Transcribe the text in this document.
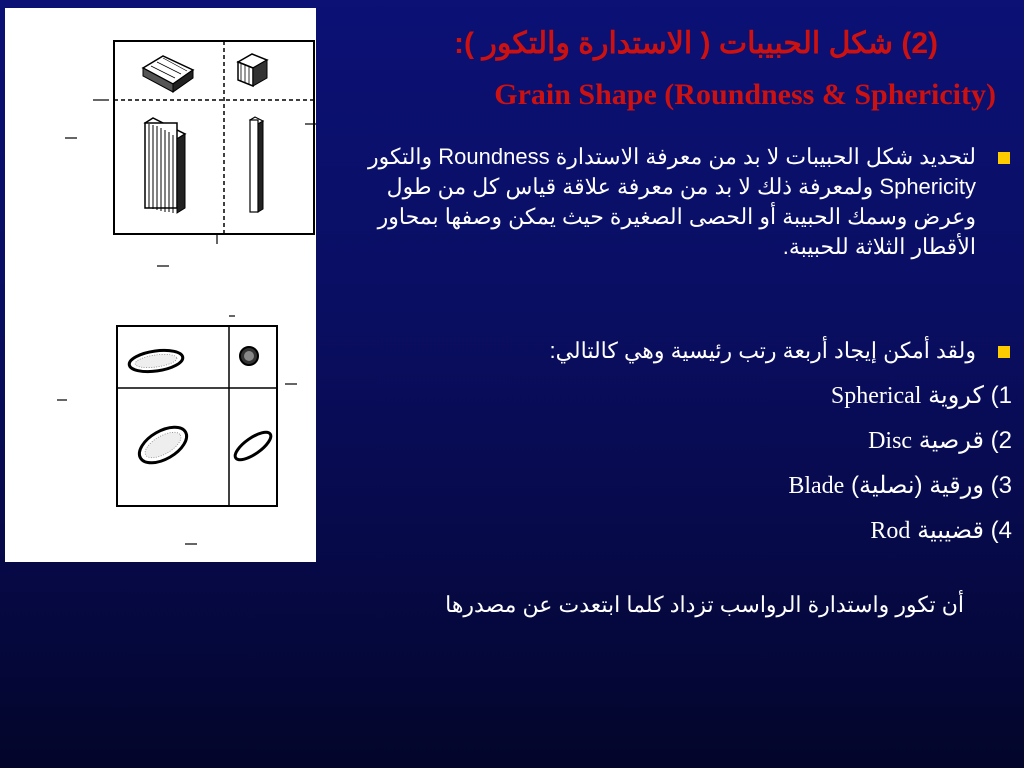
(2) شكل الحبيبات ( الاستدارة والتكور ):
Grain Shape (Roundness & Sphericity)
لتحديد شكل الحبيبات لا بد من معرفة الاستدارة Roundness والتكور Sphericity ولمعرفة ذلك لا بد من معرفة علاقة قياس كل من طول وعرض وسمك الحبيبة أو الحصى الصغيرة حيث يمكن وصفها بمحاور الأقطار الثلاثة للحبيبة.
ولقد أمكن إيجاد أربعة رتب رئيسية وهي كالتالي:
1) كروية Spherical
2) قرصية Disc
3) ورقية (نصلية) Blade
4) قضيبية Rod
أن تكور واستدارة الرواسب تزداد كلما ابتعدت عن مصدرها
